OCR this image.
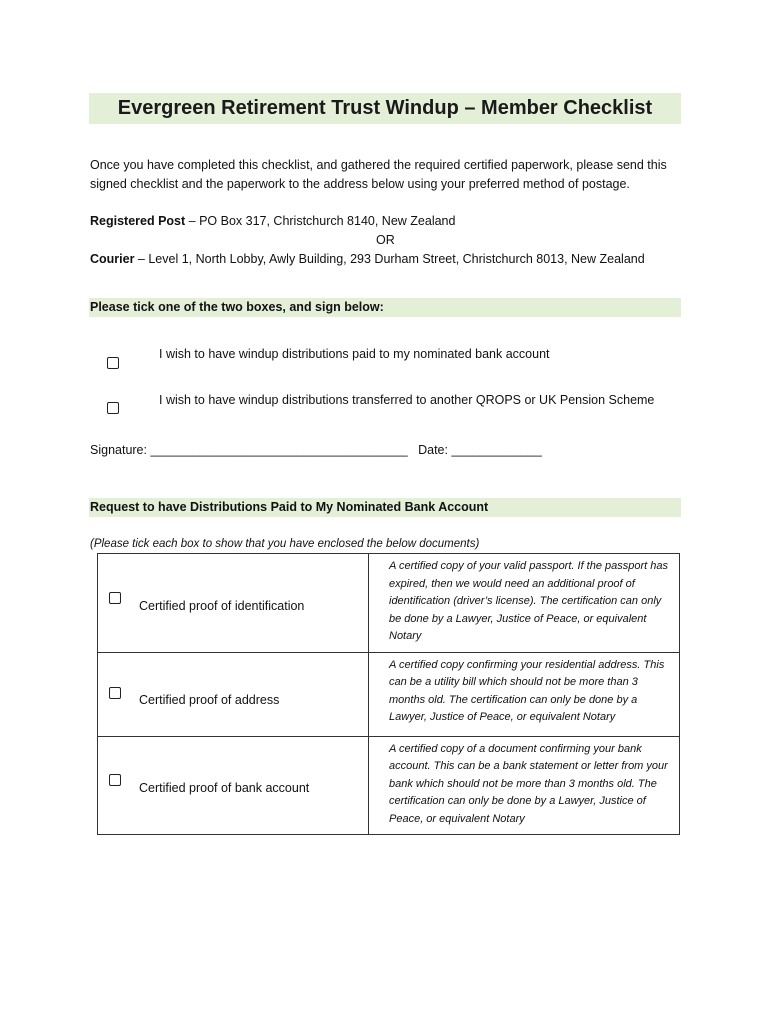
Evergreen Retirement Trust Windup – Member Checklist
Once you have completed this checklist, and gathered the required certified paperwork, please send this signed checklist and the paperwork to the address below using your preferred method of postage.
Registered Post – PO Box 317, Christchurch 8140, New Zealand
OR
Courier – Level 1, North Lobby, Awly Building, 293 Durham Street, Christchurch 8013, New Zealand
Please tick one of the two boxes, and sign below:
I wish to have windup distributions paid to my nominated bank account
I wish to have windup distributions transferred to another QROPS or UK Pension Scheme
Signature: _____________________________________   Date: _____________
Request to have Distributions Paid to My Nominated Bank Account
(Please tick each box to show that you have enclosed the below documents)
Certified proof of identification	A certified copy of your valid passport. If the passport has expired, then we would need an additional proof of identification (driver’s license). The certification can only be done by a Lawyer, Justice of Peace, or equivalent Notary

Certified proof of address	A certified copy confirming your residential address. This can be a utility bill which should not be more than 3 months old. The certification can only be done by a Lawyer, Justice of Peace, or equivalent Notary

Certified proof of bank account	A certified copy of a document confirming your bank account. This can be a bank statement or letter from your bank which should not be more than 3 months old. The certification can only be done by a Lawyer, Justice of Peace, or equivalent Notary
